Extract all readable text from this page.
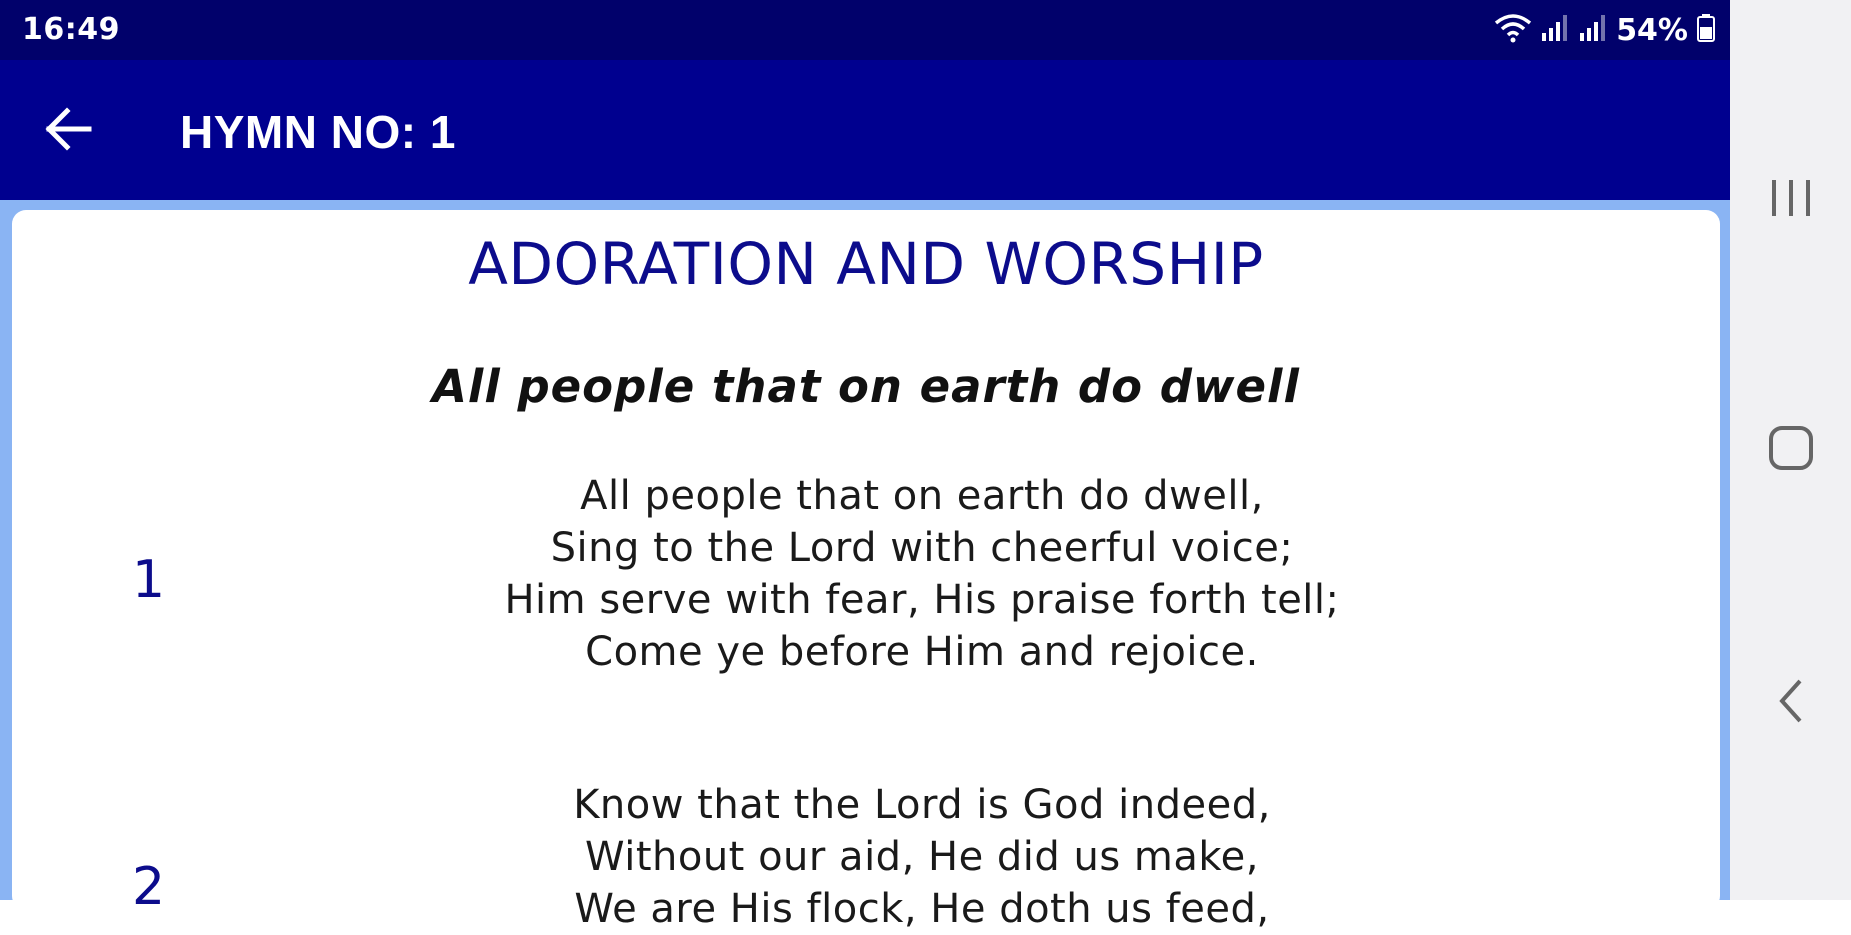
16:49	54%
HYMN NO: 1
ADORATION AND WORSHIP
All people that on earth do dwell
1
All people that on earth do dwell,
Sing to the Lord with cheerful voice;
Him serve with fear, His praise forth tell;
Come ye before Him and rejoice.
2
Know that the Lord is God indeed,
Without our aid, He did us make,
We are His flock, He doth us feed,
